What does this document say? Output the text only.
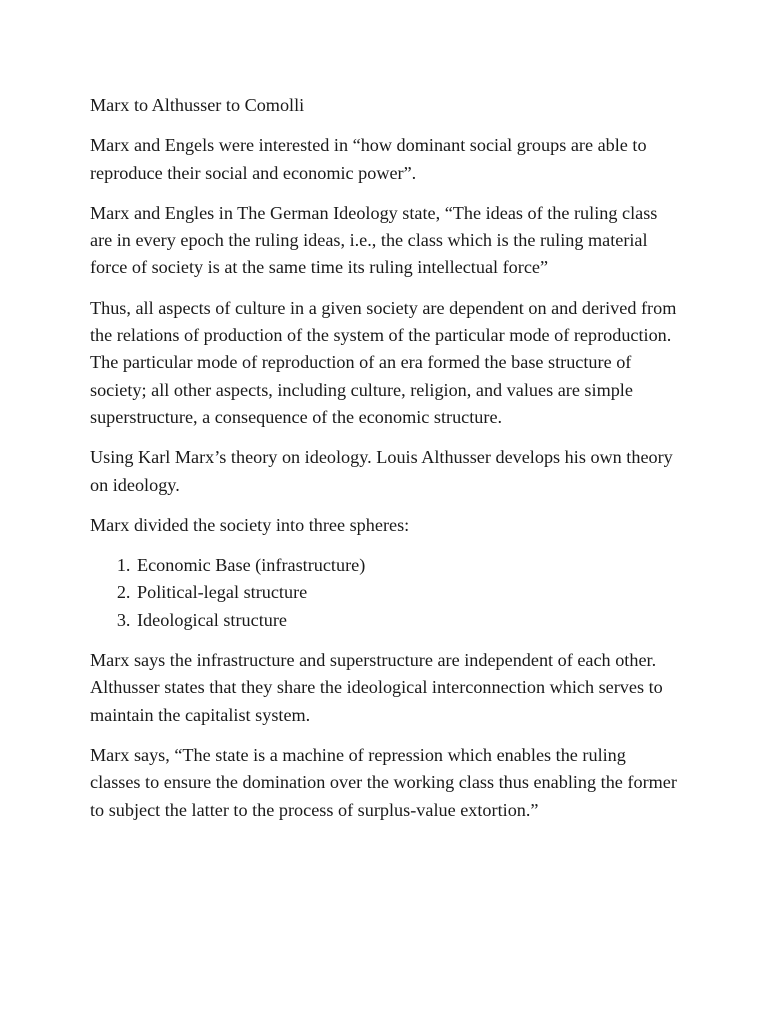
Marx to Althusser to Comolli

Marx and Engels were interested in “how dominant social groups are able to reproduce their social and economic power”.

Marx and Engles in The German Ideology state, “The ideas of the ruling class are in every epoch the ruling ideas, i.e., the class which is the ruling material force of society is at the same time its ruling intellectual force”

Thus, all aspects of culture in a given society are dependent on and derived from the relations of production of the system of the particular mode of reproduction. The particular mode of reproduction of an era formed the base structure of society; all other aspects, including culture, religion, and values are simple superstructure, a consequence of the economic structure.

Using Karl Marx’s theory on ideology. Louis Althusser develops his own theory on ideology.

Marx divided the society into three spheres:

1. Economic Base (infrastructure)
2. Political-legal structure
3. Ideological structure

Marx says the infrastructure and superstructure are independent of each other. Althusser states that they share the ideological interconnection which serves to maintain the capitalist system.

Marx says, “The state is a machine of repression which enables the ruling classes to ensure the domination over the working class thus enabling the former to subject the latter to the process of surplus-value extortion.”
